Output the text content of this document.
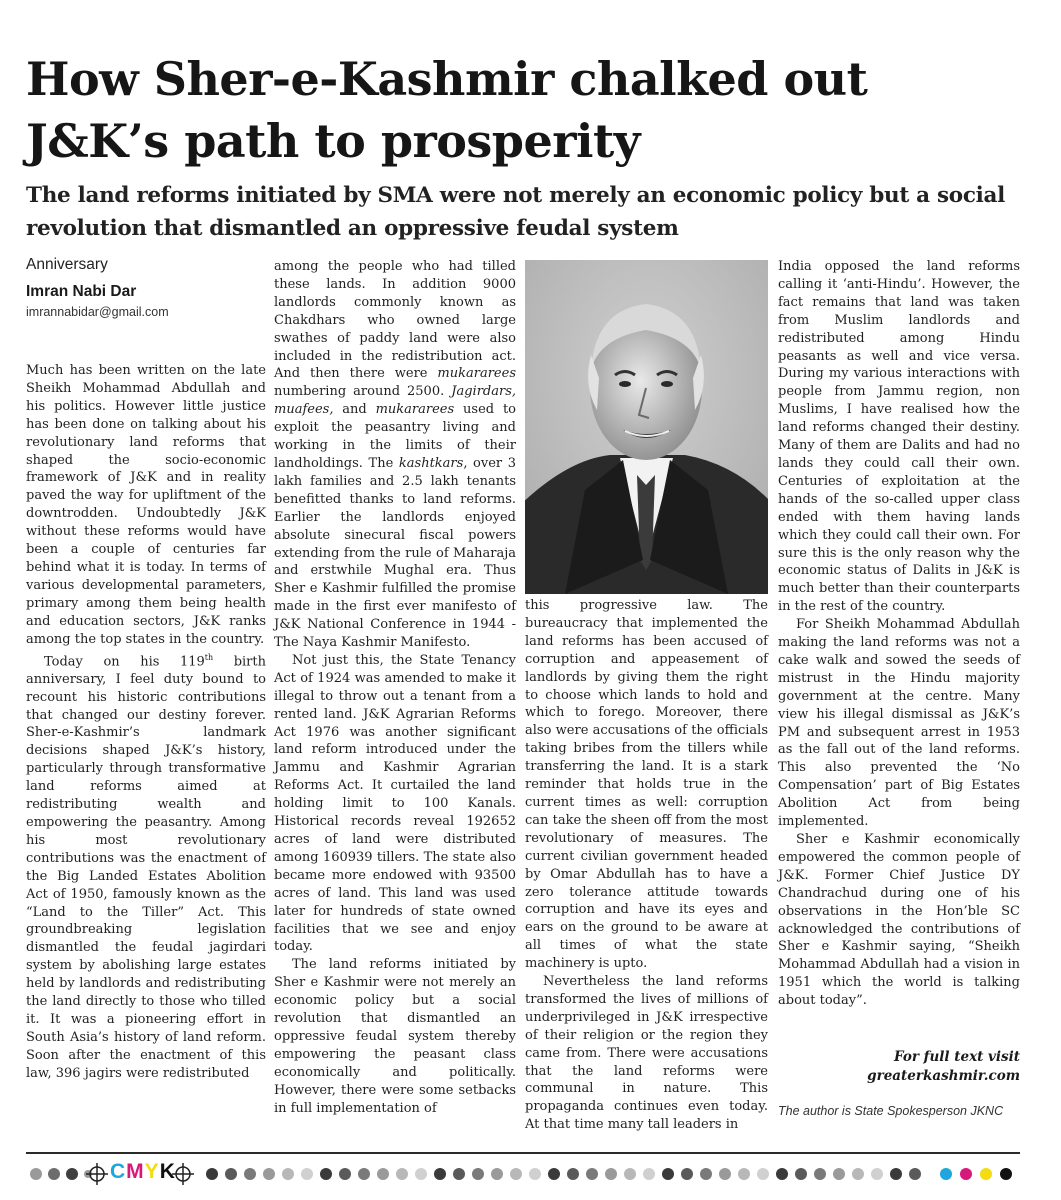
How Sher-e-Kashmir chalked out
J&K’s path to prosperity

The land reforms initiated by SMA were not merely an economic policy but a social revolution that dismantled an oppressive feudal system

Anniversary
Imran Nabi Dar
imrannabidar@gmail.com

Much has been written on the late Sheikh Mohammad Abdullah and his politics. However little justice has been done on talking about his revolutionary land reforms that shaped the socio-economic framework of J&K and in reality paved the way for upliftment of the downtrodden. Undoubtedly J&K without these reforms would have been a couple of centuries far behind what it is today. In terms of various developmental parameters, primary among them being health and education sectors, J&K ranks among the top states in the country.

Today on his 119th birth anniversary, I feel duty bound to recount his historic contributions that changed our destiny forever. Sher-e-Kashmir’s landmark decisions shaped J&K’s history, particularly through transformative land reforms aimed at redistributing wealth and empowering the peasantry. Among his most revolutionary contributions was the enactment of the Big Landed Estates Abolition Act of 1950, famously known as the “Land to the Tiller” Act. This groundbreaking legislation dismantled the feudal jagirdari system by abolishing large estates held by landlords and redistributing the land directly to those who tilled it. It was a pioneering effort in South Asia’s history of land reform. Soon after the enactment of this law, 396 jagirs were redistributed

among the people who had tilled these lands. In addition 9000 landlords commonly known as Chakdhars who owned large swathes of paddy land were also included in the redistribution act. And then there were mukararees numbering around 2500. Jagirdars, muafees, and mukararees used to exploit the peasantry living and working in the limits of their landholdings. The kashtkars, over 3 lakh families and 2.5 lakh tenants benefitted thanks to land reforms. Earlier the landlords enjoyed absolute sinecural fiscal powers extending from the rule of Maharaja and erstwhile Mughal era. Thus Sher e Kashmir fulfilled the promise made in the first ever manifesto of J&K National Conference in 1944 - The Naya Kashmir Manifesto.

Not just this, the State Tenancy Act of 1924 was amended to make it illegal to throw out a tenant from a rented land. J&K Agrarian Reforms Act 1976 was another significant land reform introduced under the Jammu and Kashmir Agrarian Reforms Act. It curtailed the land holding limit to 100 Kanals. Historical records reveal 192652 acres of land were distributed among 160939 tillers. The state also became more endowed with 93500 acres of land. This land was used later for hundreds of state owned facilities that we see and enjoy today.

The land reforms initiated by Sher e Kashmir were not merely an economic policy but a social revolution that dismantled an oppressive feudal system thereby empowering the peasant class economically and politically. However, there were some setbacks in full implementation of

this progressive law. The bureaucracy that implemented the land reforms has been accused of corruption and appeasement of landlords by giving them the right to choose which lands to hold and which to forego. Moreover, there also were accusations of the officials taking bribes from the tillers while transferring the land. It is a stark reminder that holds true in the current times as well: corruption can take the sheen off from the most revolutionary of measures. The current civilian government headed by Omar Abdullah has to have a zero tolerance attitude towards corruption and have its eyes and ears on the ground to be aware at all times of what the state machinery is upto.

Nevertheless the land reforms transformed the lives of millions of underprivileged in J&K irrespective of their religion or the region they came from. There were accusations that the land reforms were communal in nature. This propaganda continues even today. At that time many tall leaders in

India opposed the land reforms calling it ‘anti-Hindu’. However, the fact remains that land was taken from Muslim landlords and redistributed among Hindu peasants as well and vice versa. During my various interactions with people from Jammu region, non Muslims, I have realised how the land reforms changed their destiny. Many of them are Dalits and had no lands they could call their own. Centuries of exploitation at the hands of the so-called upper class ended with them having lands which they could call their own. For sure this is the only reason why the economic status of Dalits in J&K is much better than their counterparts in the rest of the country.

For Sheikh Mohammad Abdullah making the land reforms was not a cake walk and sowed the seeds of mistrust in the Hindu majority government at the centre. Many view his illegal dismissal as J&K’s PM and subsequent arrest in 1953 as the fall out of the land reforms. This also prevented the ‘No Compensation’ part of Big Estates Abolition Act from being implemented.

Sher e Kashmir economically empowered the common people of J&K. Former Chief Justice DY Chandrachud during one of his observations in the Hon’ble SC acknowledged the contributions of Sher e Kashmir saying, “Sheikh Mohammad Abdullah had a vision in 1951 which the world is talking about today”.

For full text visit
greaterkashmir.com
The author is State Spokesperson JKNC
CMYK
